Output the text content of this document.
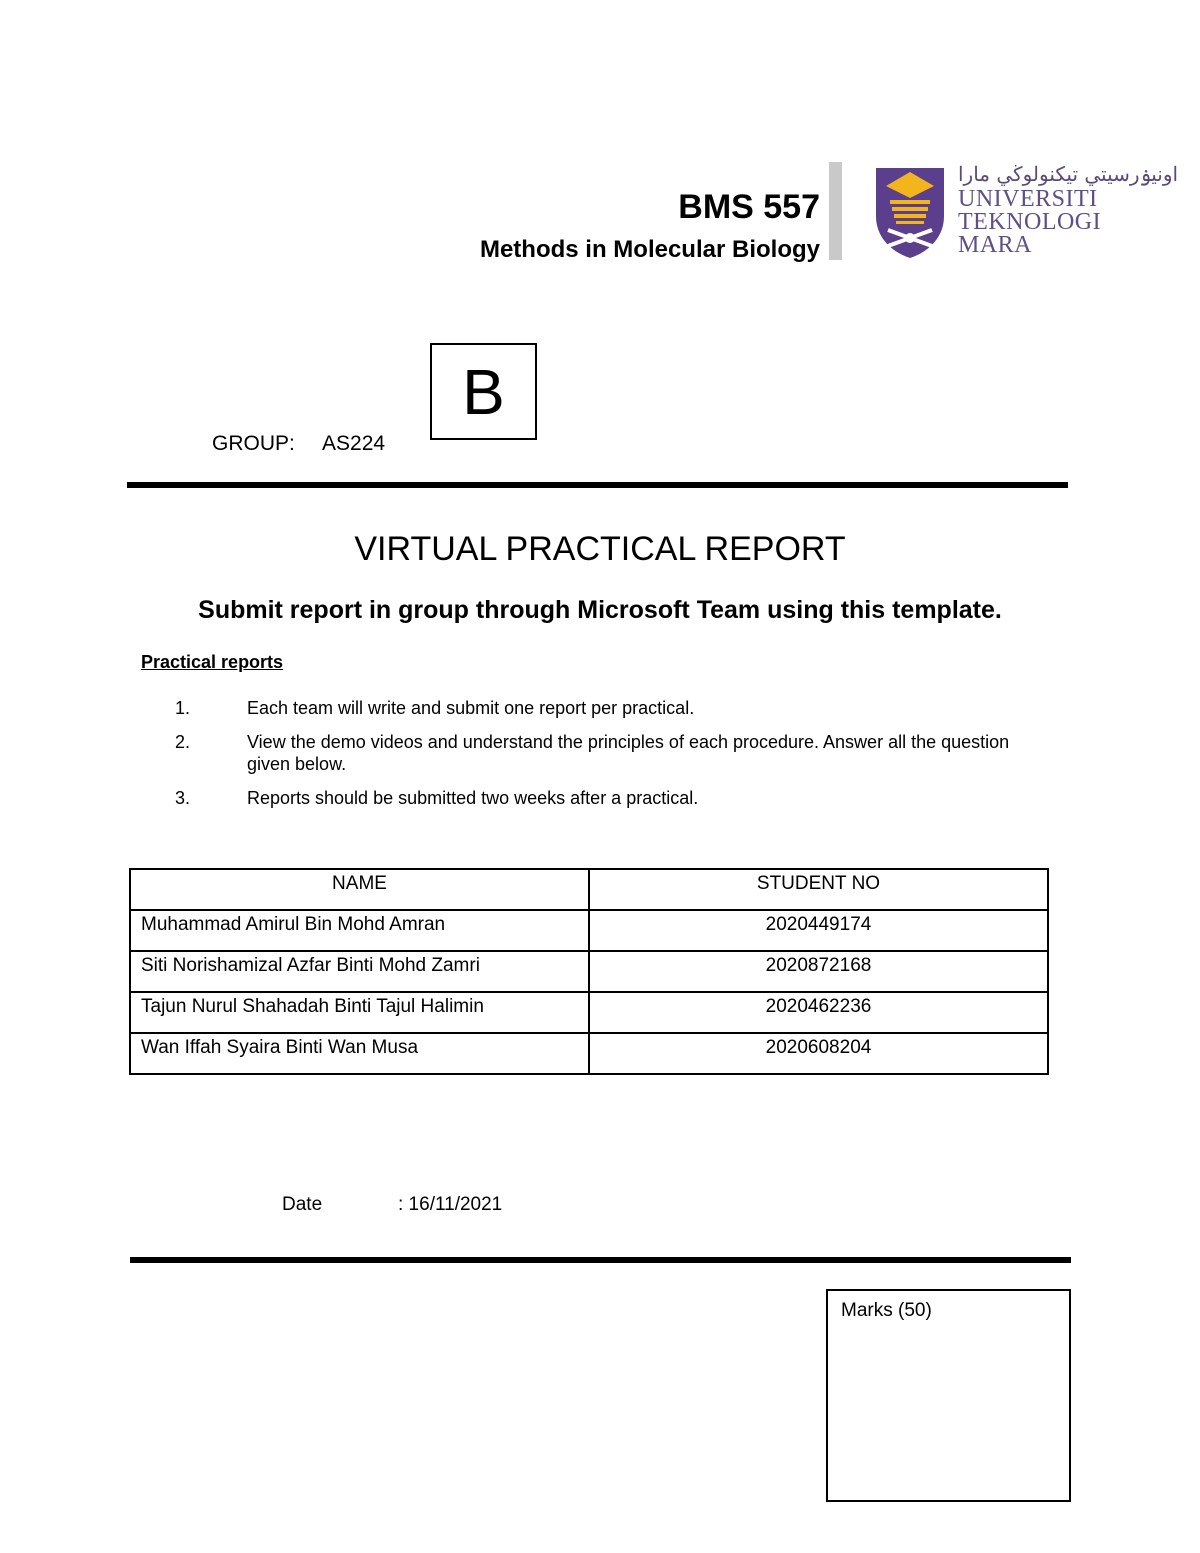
BMS 557
Methods in Molecular Biology
اونيۏرسيتي تيكنولوڬي مارا
UNIVERSITI
TEKNOLOGI
MARA
GROUP: AS224
B
VIRTUAL PRACTICAL REPORT
Submit report in group through Microsoft Team using this template.
Practical reports
1.	Each team will write and submit one report per practical.
2.	View the demo videos and understand the principles of each procedure. Answer all the question given below.
3.	Reports should be submitted two weeks after a practical.
NAME	STUDENT NO
Muhammad Amirul Bin Mohd Amran	2020449174
Siti Norishamizal Azfar Binti Mohd Zamri	2020872168
Tajun Nurul Shahadah Binti Tajul Halimin	2020462236
Wan Iffah Syaira Binti Wan Musa	2020608204
Date	: 16/11/2021
Marks (50)
